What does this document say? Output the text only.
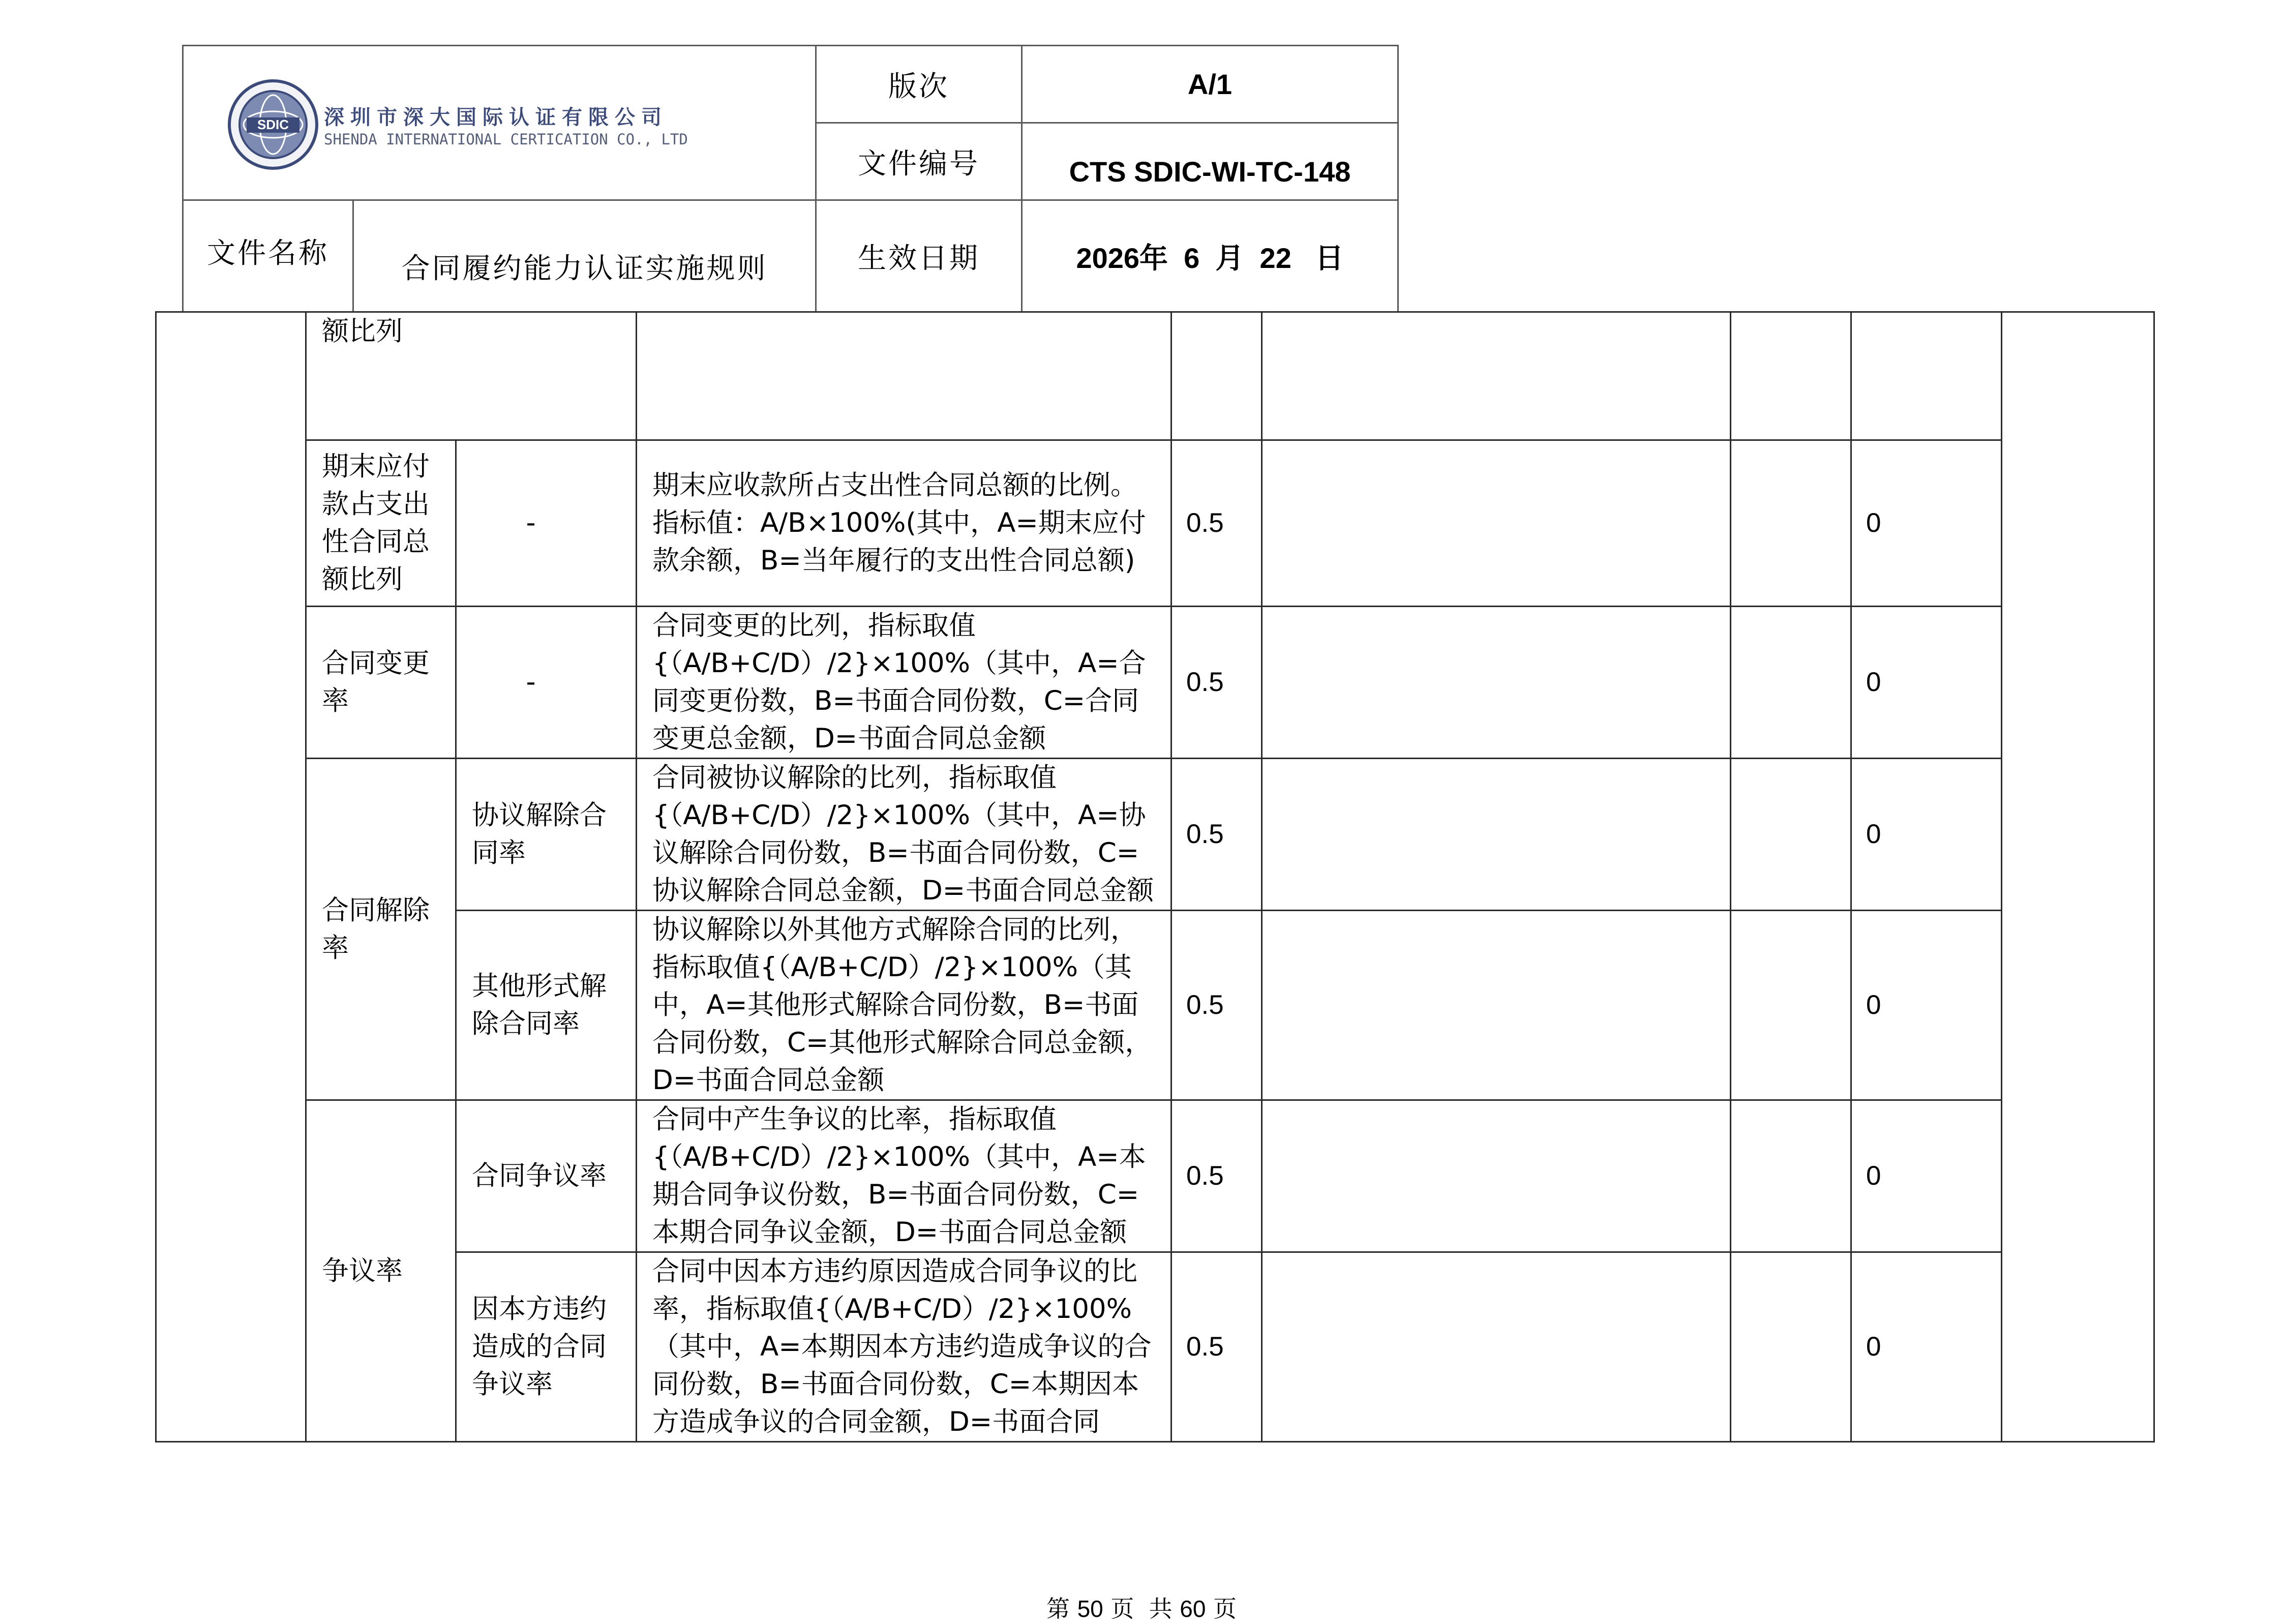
SDIC 深圳市深大国际认证有限公司
SHENDA INTERNATIONAL CERTICATION CO., LTD		版次	A/1
		文件编号	CTS SDIC-WI-TC-148
文件名称	合同履约能力认证实施规则	生效日期	2026年  6  月  22   日
	额比列							
	期末应付款占支出性合同总额比列	-	期末应收款所占支出性合同总额的比例。指标值：A/B×100%(其中，A=期末应付款余额，B=当年履行的支出性合同总额)	0.5			0	
	合同变更率	-	合同变更的比列，指标取值{（A/B+C/D）/2}×100%（其中，A=合同变更份数，B=书面合同份数，C=合同变更总金额，D=书面合同总金额	0.5			0	
	合同解除率	协议解除合同率	合同被协议解除的比列，指标取值{（A/B+C/D）/2}×100%（其中，A=协议解除合同份数，B=书面合同份数，C=协议解除合同总金额，D=书面合同总金额	0.5			0	
		其他形式解除合同率	协议解除以外其他方式解除合同的比列，指标取值{（A/B+C/D）/2}×100%（其中，A=其他形式解除合同份数，B=书面合同份数，C=其他形式解除合同总金额，D=书面合同总金额	0.5			0	
	争议率	合同争议率	合同中产生争议的比率，指标取值{（A/B+C/D）/2}×100%（其中，A=本期合同争议份数，B=书面合同份数，C=本期合同争议金额，D=书面合同总金额	0.5			0	
		因本方违约造成的合同争议率	合同中因本方违约原因造成合同争议的比率，指标取值{（A/B+C/D）/2}×100%（其中，A=本期因本方违约造成争议的合同份数，B=书面合同份数，C=本期因本方造成争议的合同金额，D=书面合同	0.5			0	
第 50 页  共 60 页
